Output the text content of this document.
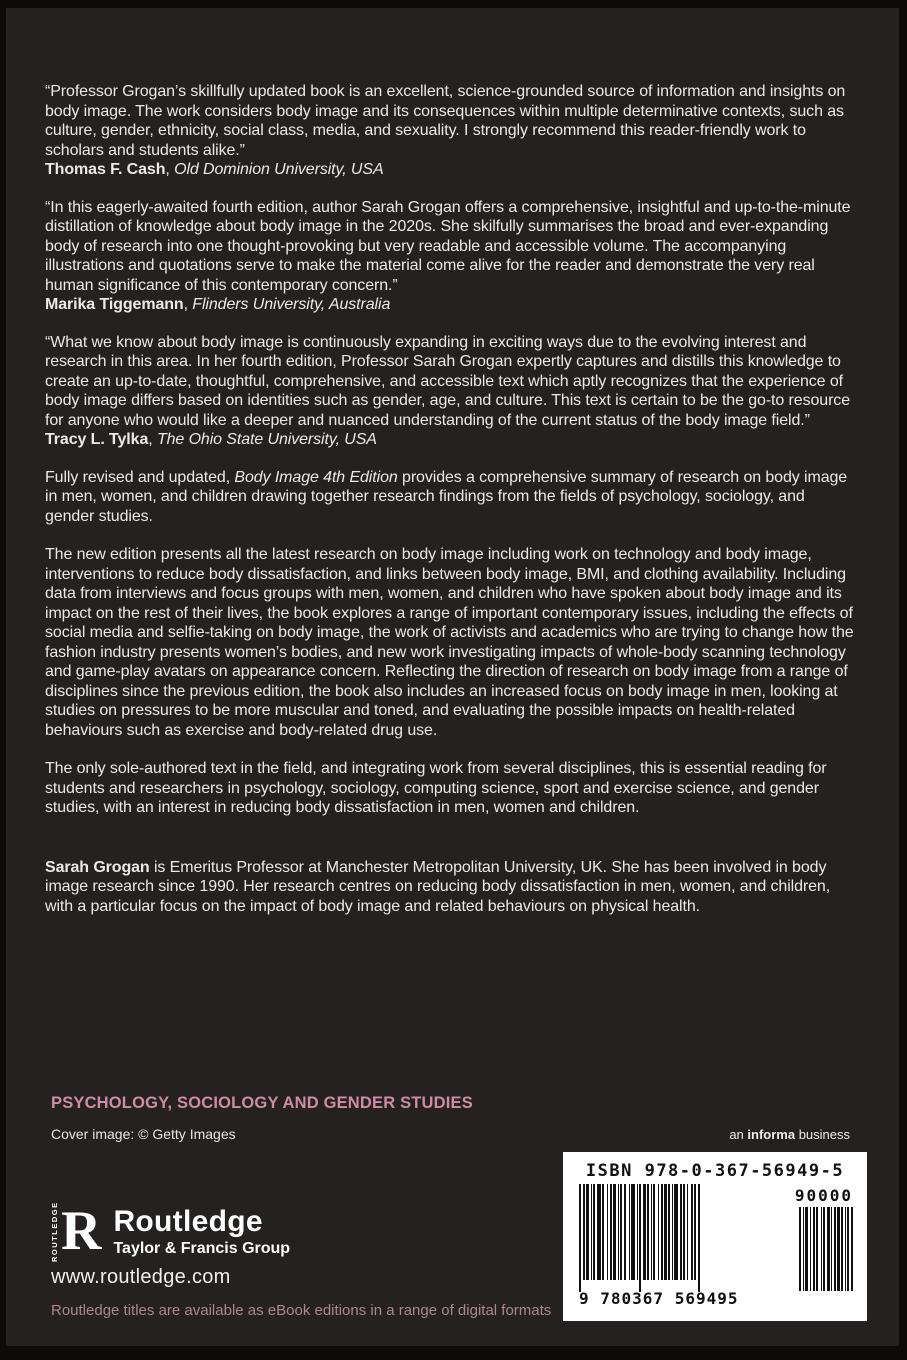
“Professor Grogan’s skillfully updated book is an excellent, science-grounded source of information and insights on body image. The work considers body image and its consequences within multiple determinative contexts, such as culture, gender, ethnicity, social class, media, and sexuality. I strongly recommend this reader-friendly work to scholars and students alike.”

Thomas F. Cash, Old Dominion University, USA

“In this eagerly-awaited fourth edition, author Sarah Grogan offers a comprehensive, insightful and up-to-the-minute distillation of knowledge about body image in the 2020s. She skilfully summarises the broad and ever-expanding body of research into one thought-provoking but very readable and accessible volume. The accompanying illustrations and quotations serve to make the material come alive for the reader and demonstrate the very real human significance of this contemporary concern.”

Marika Tiggemann, Flinders University, Australia

“What we know about body image is continuously expanding in exciting ways due to the evolving interest and research in this area. In her fourth edition, Professor Sarah Grogan expertly captures and distills this knowledge to create an up-to-date, thoughtful, comprehensive, and accessible text which aptly recognizes that the experience of body image differs based on identities such as gender, age, and culture. This text is certain to be the go-to resource for anyone who would like a deeper and nuanced understanding of the current status of the body image field.”

Tracy L. Tylka, The Ohio State University, USA

Fully revised and updated, Body Image 4th Edition provides a comprehensive summary of research on body image in men, women, and children drawing together research findings from the fields of psychology, sociology, and gender studies.

The new edition presents all the latest research on body image including work on technology and body image, interventions to reduce body dissatisfaction, and links between body image, BMI, and clothing availability. Including data from interviews and focus groups with men, women, and children who have spoken about body image and its impact on the rest of their lives, the book explores a range of important contemporary issues, including the effects of social media and selfie-taking on body image, the work of activists and academics who are trying to change how the fashion industry presents women’s bodies, and new work investigating impacts of whole-body scanning technology and game-play avatars on appearance concern. Reflecting the direction of research on body image from a range of disciplines since the previous edition, the book also includes an increased focus on body image in men, looking at studies on pressures to be more muscular and toned, and evaluating the possible impacts on health-related behaviours such as exercise and body-related drug use.

The only sole-authored text in the field, and integrating work from several disciplines, this is essential reading for students and researchers in psychology, sociology, computing science, sport and exercise science, and gender studies, with an interest in reducing body dissatisfaction in men, women and children.

Sarah Grogan is Emeritus Professor at Manchester Metropolitan University, UK. She has been involved in body image research since 1990. Her research centres on reducing body dissatisfaction in men, women, and children, with a particular focus on the impact of body image and related behaviours on physical health.

PSYCHOLOGY, SOCIOLOGY AND GENDER STUDIES
Cover image: © Getty Images	an informa business
ISBN 978-0-367-56949-5
9 780367 569495
90000
ROUTLEDGE R Routledge
Taylor & Francis Group
www.routledge.com
Routledge titles are available as eBook editions in a range of digital formats
